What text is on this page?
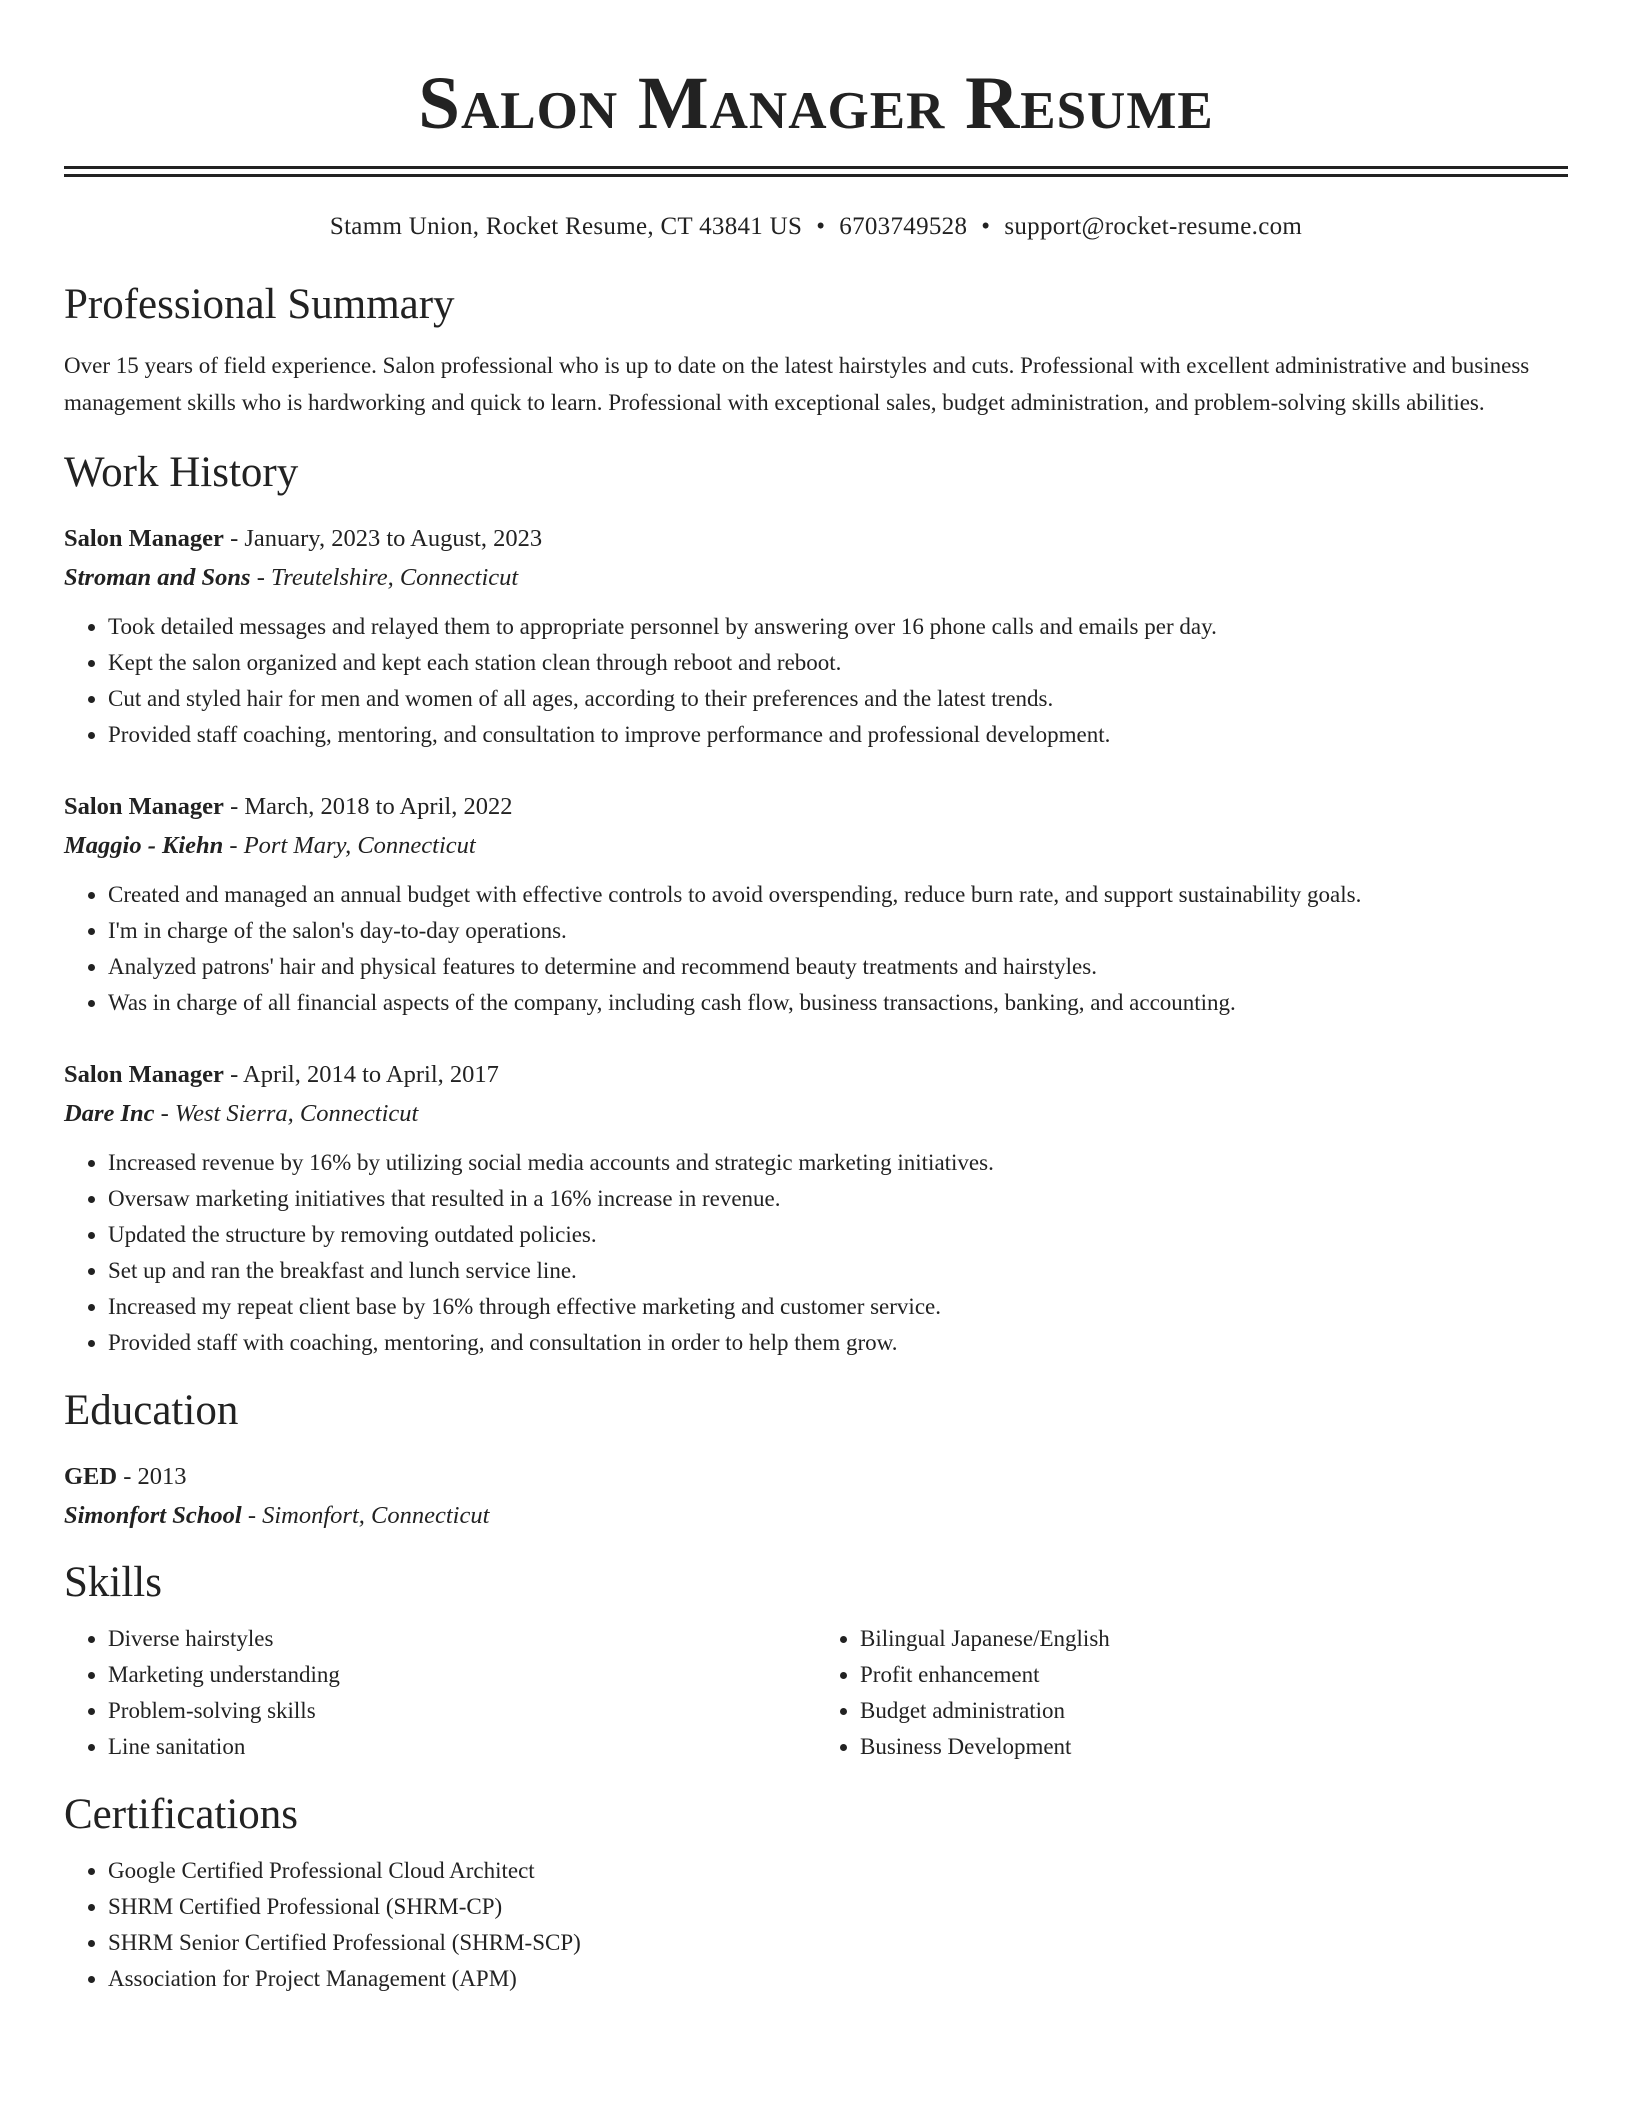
Salon Manager Resume
Stamm Union, Rocket Resume, CT 43841 US • 6703749528 • support@rocket-resume.com
Professional Summary

Over 15 years of field experience. Salon professional who is up to date on the latest hairstyles and cuts. Professional with excellent administrative and business management skills who is hardworking and quick to learn. Professional with exceptional sales, budget administration, and problem-solving skills abilities.

Work History
Salon Manager - January, 2023 to August, 2023
Stroman and Sons - Treutelshire, Connecticut
• Took detailed messages and relayed them to appropriate personnel by answering over 16 phone calls and emails per day.
• Kept the salon organized and kept each station clean through reboot and reboot.
• Cut and styled hair for men and women of all ages, according to their preferences and the latest trends.
• Provided staff coaching, mentoring, and consultation to improve performance and professional development.
Salon Manager - March, 2018 to April, 2022
Maggio - Kiehn - Port Mary, Connecticut
• Created and managed an annual budget with effective controls to avoid overspending, reduce burn rate, and support sustainability goals.
• I'm in charge of the salon's day-to-day operations.
• Analyzed patrons' hair and physical features to determine and recommend beauty treatments and hairstyles.
• Was in charge of all financial aspects of the company, including cash flow, business transactions, banking, and accounting.
Salon Manager - April, 2014 to April, 2017
Dare Inc - West Sierra, Connecticut
• Increased revenue by 16% by utilizing social media accounts and strategic marketing initiatives.
• Oversaw marketing initiatives that resulted in a 16% increase in revenue.
• Updated the structure by removing outdated policies.
• Set up and ran the breakfast and lunch service line.
• Increased my repeat client base by 16% through effective marketing and customer service.
• Provided staff with coaching, mentoring, and consultation in order to help them grow.
Education
GED - 2013
Simonfort School - Simonfort, Connecticut
Skills
• Diverse hairstyles
• Marketing understanding
• Problem-solving skills
• Line sanitation
• Bilingual Japanese/English
• Profit enhancement
• Budget administration
• Business Development
Certifications
• Google Certified Professional Cloud Architect
• SHRM Certified Professional (SHRM-CP)
• SHRM Senior Certified Professional (SHRM-SCP)
• Association for Project Management (APM)
